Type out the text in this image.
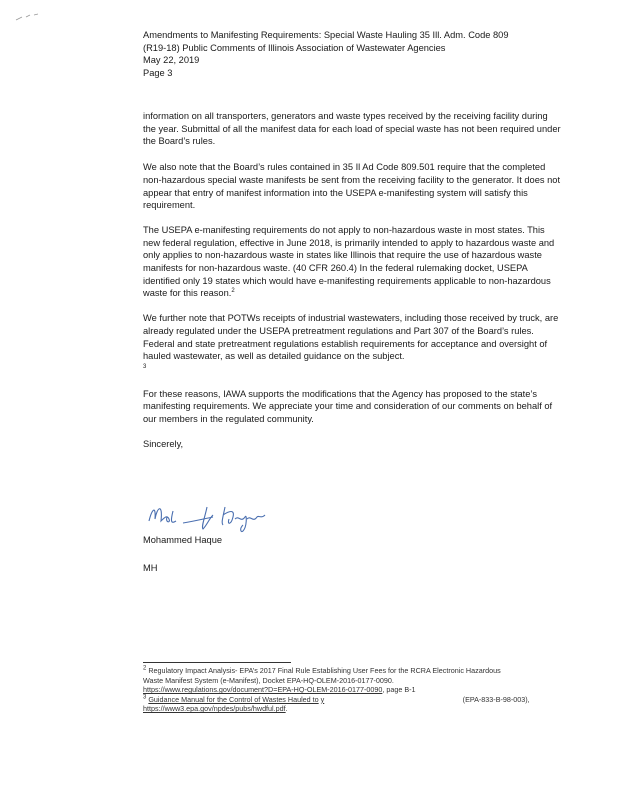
Amendments to Manifesting Requirements: Special Waste Hauling 35 Ill. Adm. Code 809
(R19-18) Public Comments of Illinois Association of Wastewater Agencies
May 22, 2019
Page 3

information on all transporters, generators and waste types received by the receiving facility during the year. Submittal of all the manifest data for each load of special waste has not been required under the Board’s rules.

We also note that the Board’s rules contained in 35 Il Ad Code 809.501 require that the completed non-hazardous special waste manifests be sent from the receiving facility to the generator. It does not appear that entry of manifest information into the USEPA e-manifesting system will satisfy this requirement.

The USEPA e-manifesting requirements do not apply to non-hazardous waste in most states. This new federal regulation, effective in June 2018, is primarily intended to apply to hazardous waste and only applies to non-hazardous waste in states like Illinois that require the use of hazardous waste manifests for non-hazardous waste. (40 CFR 260.4) In the federal rulemaking docket, USEPA identified only 19 states which would have e-manifesting requirements applicable to non-hazardous waste for this reason.$^2$

We further note that POTWs receipts of industrial wastewaters, including those received by truck, are already regulated under the USEPA pretreatment regulations and Part 307 of the Board’s rules. Federal and state pretreatment regulations establish requirements for acceptance and oversight of hauled wastewater, as well as detailed guidance on the subject.
$^3$

For these reasons, IAWA supports the modifications that the Agency has proposed to the state’s manifesting requirements. We appreciate your time and consideration of our comments on behalf of our members in the regulated community.

Sincerely,

Mohammed Haque
MH
$^2$ Regulatory Impact Analysis- EPA’s 2017 Final Rule Establishing User Fees for the RCRA Electronic Hazardous
Waste Manifest System (e-Manifest), Docket EPA-HQ-OLEM-2016-0177-0090.
https://www.regulations.gov/document?D=EPA-HQ-OLEM-2016-0177-0090, page B-1
$^3$ Guidance Manual for the Control of Wastes Hauled to y	(EPA-833-B-98-003),
https://www3.epa.gov/npdes/pubs/hwdful.pdf.
